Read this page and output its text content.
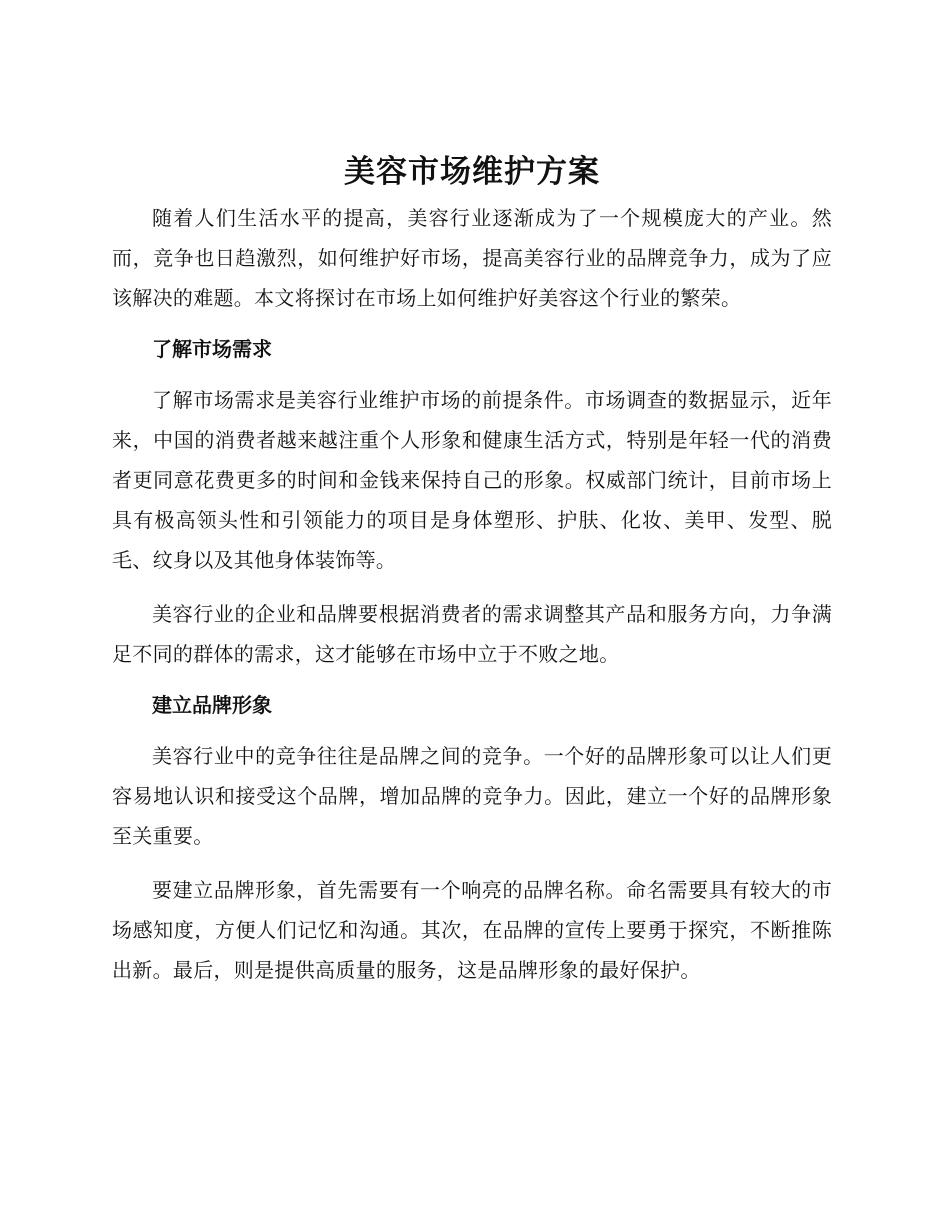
美容市场维护方案

随着人们生活水平的提高，美容行业逐渐成为了一个规模庞大的产业。然而，竞争也日趋激烈，如何维护好市场，提高美容行业的品牌竞争力，成为了应该解决的难题。本文将探讨在市场上如何维护好美容这个行业的繁荣。

了解市场需求

了解市场需求是美容行业维护市场的前提条件。市场调查的数据显示，近年来，中国的消费者越来越注重个人形象和健康生活方式，特别是年轻一代的消费者更同意花费更多的时间和金钱来保持自己的形象。权威部门统计，目前市场上具有极高领头性和引领能力的项目是身体塑形、护肤、化妆、美甲、发型、脱毛、纹身以及其他身体装饰等。

美容行业的企业和品牌要根据消费者的需求调整其产品和服务方向，力争满足不同的群体的需求，这才能够在市场中立于不败之地。

建立品牌形象

美容行业中的竞争往往是品牌之间的竞争。一个好的品牌形象可以让人们更容易地认识和接受这个品牌，增加品牌的竞争力。因此，建立一个好的品牌形象至关重要。

要建立品牌形象，首先需要有一个响亮的品牌名称。命名需要具有较大的市场感知度，方便人们记忆和沟通。其次，在品牌的宣传上要勇于探究，不断推陈出新。最后，则是提供高质量的服务，这是品牌形象的最好保护。
